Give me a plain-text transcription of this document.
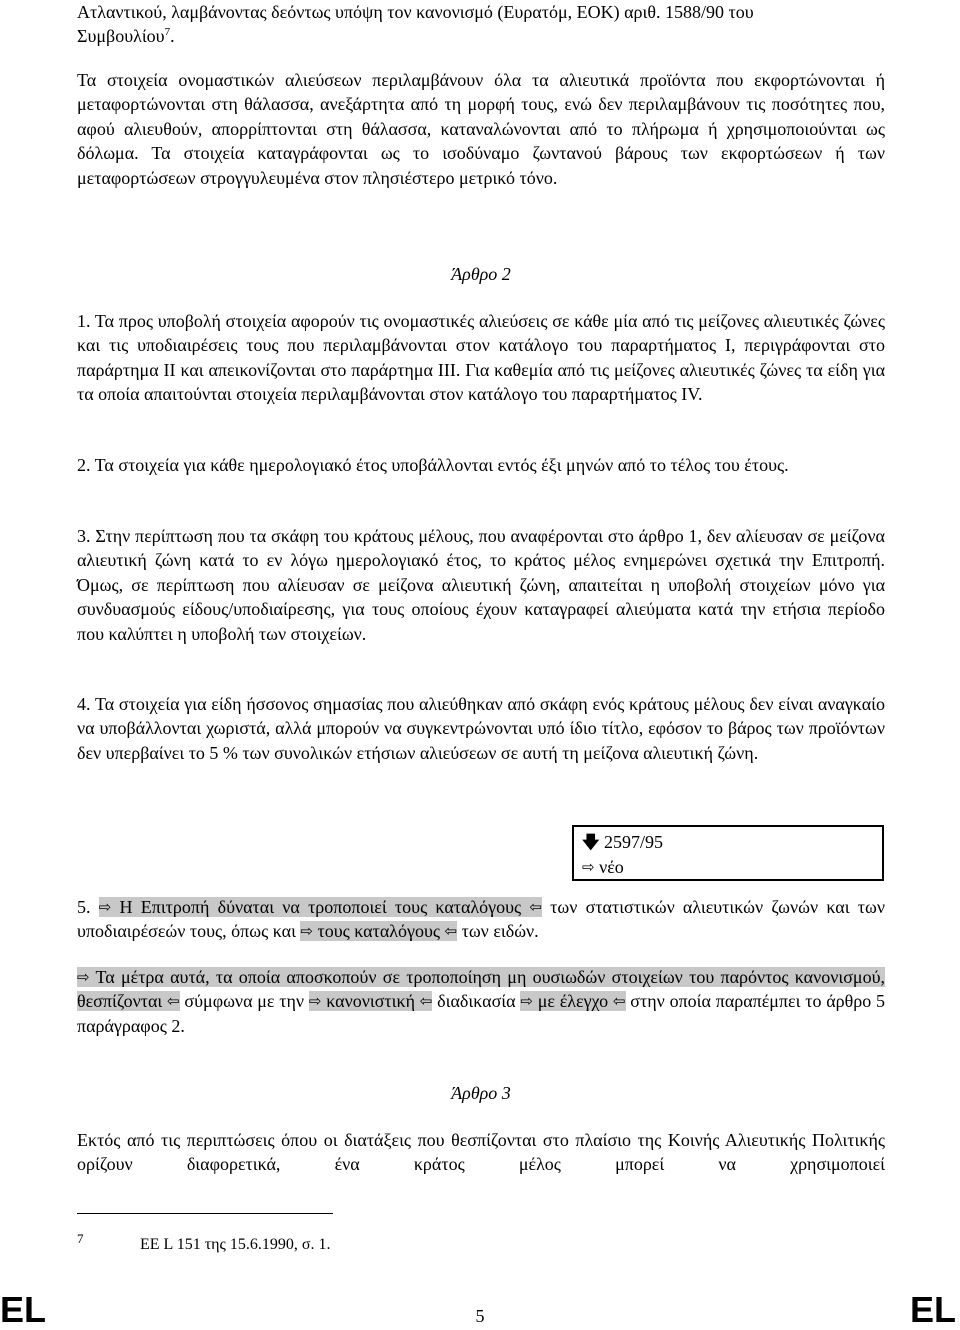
Ατλαντικού, λαμβάνοντας δεόντως υπόψη τον κανονισμό (Ευρατόμ, ΕΟΚ) αριθ. 1588/90 του
Συμβουλίου$^7$.
Τα στοιχεία ονομαστικών αλιεύσεων περιλαμβάνουν όλα τα αλιευτικά προϊόντα που εκφορτώνονται ή μεταφορτώνονται στη θάλασσα, ανεξάρτητα από τη μορφή τους, ενώ δεν περιλαμβάνουν τις ποσότητες που, αφού αλιευθούν, απορρίπτονται στη θάλασσα, καταναλώνονται από το πλήρωμα ή χρησιμοποιούνται ως δόλωμα. Τα στοιχεία καταγράφονται ως το ισοδύναμο ζωντανού βάρους των εκφορτώσεων ή των μεταφορτώσεων στρογγυλευμένα στον πλησιέστερο μετρικό τόνο.
Άρθρο 2
1. Τα προς υποβολή στοιχεία αφορούν τις ονομαστικές αλιεύσεις σε κάθε μία από τις μείζονες αλιευτικές ζώνες και τις υποδιαιρέσεις τους που περιλαμβάνονται στον κατάλογο του παραρτήματος Ι, περιγράφονται στο παράρτημα ΙΙ και απεικονίζονται στο παράρτημα ΙΙΙ. Για καθεμία από τις μείζονες αλιευτικές ζώνες τα είδη για τα οποία απαιτούνται στοιχεία περιλαμβάνονται στον κατάλογο του παραρτήματος ΙV.
2. Τα στοιχεία για κάθε ημερολογιακό έτος υποβάλλονται εντός έξι μηνών από το τέλος του έτους.
3. Στην περίπτωση που τα σκάφη του κράτους μέλους, που αναφέρονται στο άρθρο 1, δεν αλίευσαν σε μείζονα αλιευτική ζώνη κατά το εν λόγω ημερολογιακό έτος, το κράτος μέλος ενημερώνει σχετικά την Επιτροπή. Όμως, σε περίπτωση που αλίευσαν σε μείζονα αλιευτική ζώνη, απαιτείται η υποβολή στοιχείων μόνο για συνδυασμούς είδους/υποδιαίρεσης, για τους οποίους έχουν καταγραφεί αλιεύματα κατά την ετήσια περίοδο που καλύπτει η υποβολή των στοιχείων.
4. Τα στοιχεία για είδη ήσσονος σημασίας που αλιεύθηκαν από σκάφη ενός κράτους μέλους δεν είναι αναγκαίο να υποβάλλονται χωριστά, αλλά μπορούν να συγκεντρώνονται υπό ίδιο τίτλο, εφόσον το βάρος των προϊόντων δεν υπερβαίνει το 5 % των συνολικών ετήσιων αλιεύσεων σε αυτή τη μείζονα αλιευτική ζώνη.
🡇 2597/95
⇨ νέο
5. ⇨ Η Επιτροπή δύναται να τροποποιεί τους καταλόγους ⇦ των στατιστικών αλιευτικών ζωνών και των υποδιαιρέσεών τους, όπως και ⇨ τους καταλόγους ⇦ των ειδών.
⇨ Τα μέτρα αυτά, τα οποία αποσκοπούν σε τροποποίηση μη ουσιωδών στοιχείων του παρόντος κανονισμού, θεσπίζονται ⇦ σύμφωνα με την ⇨ κανονιστική ⇦ διαδικασία ⇨ με έλεγχο ⇦ στην οποία παραπέμπει το άρθρο 5 παράγραφος 2.
Άρθρο 3
Εκτός από τις περιπτώσεις όπου οι διατάξεις που θεσπίζονται στο πλαίσιο της Κοινής Αλιευτικής Πολιτικής ορίζουν διαφορετικά, ένα κράτος μέλος μπορεί να χρησιμοποιεί
7	EE L 151 της 15.6.1990, σ. 1.
EL	5	EL
